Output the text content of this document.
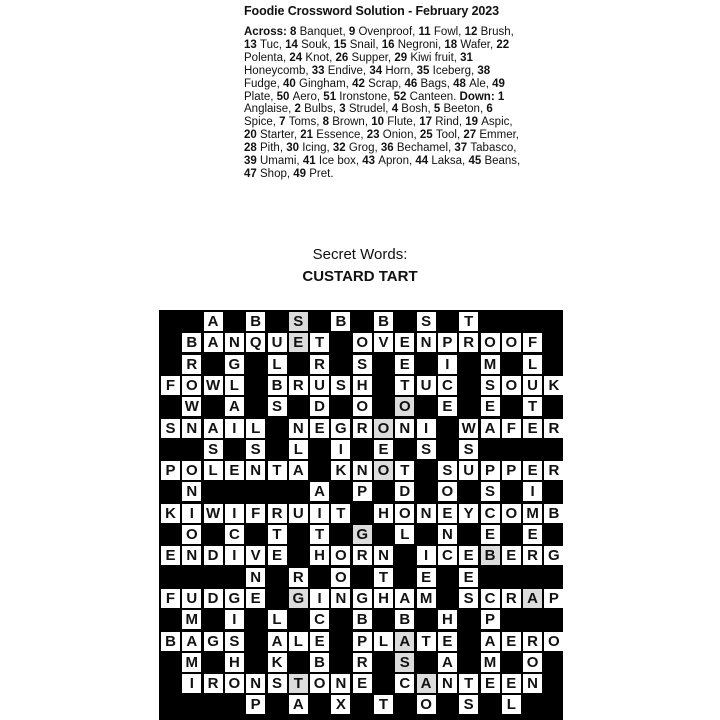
Foodie Crossword Solution - February 2023
Across: 8 Banquet, 9 Ovenproof, 11 Fowl, 12 Brush, 13 Tuc, 14 Souk, 15 Snail, 16 Negroni, 18 Wafer, 22 Polenta, 24 Knot, 26 Supper, 29 Kiwi fruit, 31 Honeycomb, 33 Endive, 34 Horn, 35 Iceberg, 38 Fudge, 40 Gingham, 42 Scrap, 46 Bags, 48 Ale, 49 Plate, 50 Aero, 51 Ironstone, 52 Canteen. Down: 1 Anglaise, 2 Bulbs, 3 Strudel, 4 Bosh, 5 Beeton, 6 Spice, 7 Toms, 8 Brown, 10 Flute, 17 Rind, 19 Aspic, 20 Starter, 21 Essence, 23 Onion, 25 Tool, 27 Emmer, 28 Pith, 30 Icing, 32 Grog, 36 Bechamel, 37 Tabasco, 39 Umami, 41 Ice box, 43 Apron, 44 Laksa, 45 Beans, 47 Shop, 49 Pret.
Secret Words:
CUSTARD TART
A B S	B B S	T
B A N Q U E T	O V E N P R O O F
R G	L	R S	E	I	M	L
F O W L	B R U S H	T U C S O U K
W A S	D O O E	E	T
S N A I L	N E G R O N I	W A F E R
S	S	L	I	E	S	S
P O L E N T A K N O T	S U P P E R
N	A P	D O S	I
K I W I F R U I T	H O N E Y C O M B
O C	T	T	G	L	N E	E
E N D I V E	H O R N	I C E B E R G
N R O	T	E	E
F U D G E	G I N G H A M S C R A P
M	I	L	C B B H P
B A G S	A L E	P L A T E	A E R O
M H K B R S	A M O
I R O N S T O N E	C A N T E E N
P	A X	T	O S	L
